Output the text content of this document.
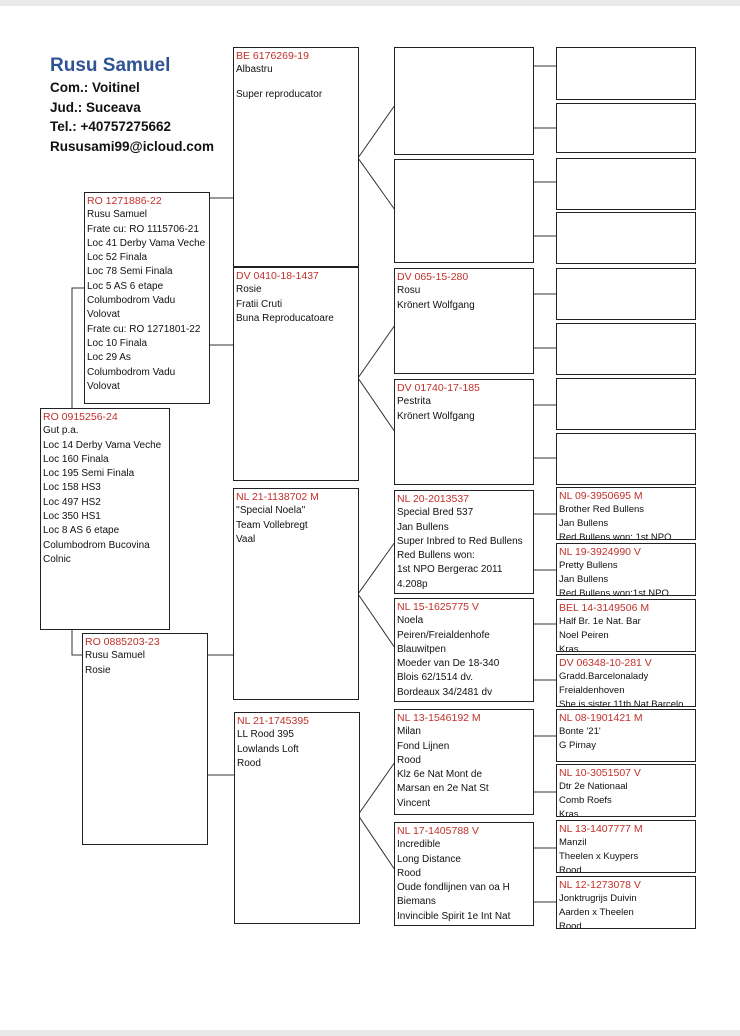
Rusu Samuel
Com.: Voitinel
Jud.: Suceava
Tel.: +40757275662
Rususami99@icloud.com
RO 0915256-24
Gut p.a.
Loc 14 Derby Vama Veche
Loc 160 Finala
Loc 195 Semi Finala
Loc 158 HS3
Loc 497 HS2
Loc 350 HS1
Loc 8 AS 6 etape
Columbodrom Bucovina
Colnic
RO 1271886-22
Rusu Samuel
Frate cu: RO 1115706-21
Loc 41 Derby Vama Veche
Loc 52 Finala
Loc 78 Semi Finala
Loc 5 AS 6 etape
Columbodrom Vadu
Volovat
Frate cu: RO 1271801-22
Loc 10 Finala
Loc 29 As
Columbodrom Vadu
Volovat
RO 0885203-23
Rusu Samuel
Rosie
BE 6176269-19
Albastru
Super reproducator
DV 0410-18-1437
Rosie
Fratii Cruti
Buna Reproducatoare
NL 21-1138702 M
''Special Noela''
Team Vollebregt
Vaal
NL 21-1745395
LL Rood 395
Lowlands Loft
Rood
DV 065-15-280
Rosu
Krönert Wolfgang
DV 01740-17-185
Pestrita
Krönert Wolfgang
NL 20-2013537
Special Bred 537
Jan Bullens
Super Inbred to Red Bullens
Red Bullens won:
1st NPO Bergerac 2011
4.208p
NL 15-1625775 V
Noela
Peiren/Freialdenhofe
Blauwitpen
Moeder van De 18-340
Blois 62/1514 dv.
Bordeaux 34/2481 dv
NL 13-1546192 M
Milan
Fond Lijnen
Rood
Klz 6e Nat Mont de
Marsan en 2e Nat St
Vincent
NL 17-1405788 V
Incredible
Long Distance
Rood
Oude fondlijnen van oa H
Biemans
Invincible Spirit 1e Int Nat
NL 09-3950695 M
Brother Red Bullens
Jan Bullens
Red Bullens won: 1st NPO
NL 19-3924990 V
Pretty Bullens
Jan Bullens
Red Bullens won:1st NPO
BEL 14-3149506 M
Half Br. 1e Nat. Bar
Noel Peiren
Kras
DV 06348-10-281 V
Gradd.Barcelonalady
Freialdenhoven
She is sister 11th Nat Barcelo
NL 08-1901421 M
Bonte '21'
G Pirnay
NL 10-3051507 V
Dtr 2e Nationaal
Comb Roefs
Kras
NL 13-1407777 M
Manzil
Theelen x Kuypers
Rood
NL 12-1273078 V
Jonktrugrijs Duivin
Aarden x Theelen
Rood
